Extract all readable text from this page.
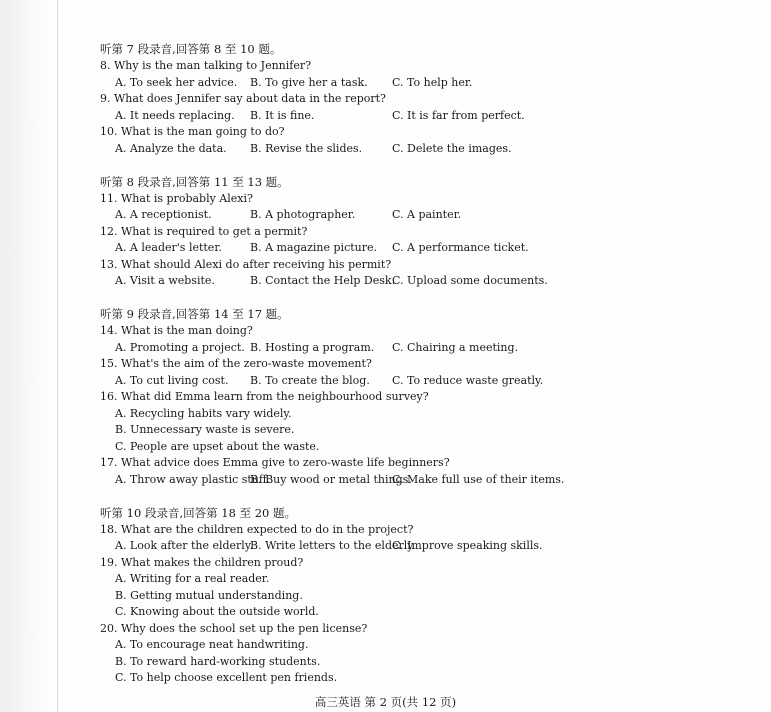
听第 7 段录音,回答第 8 至 10 题。
8. Why is the man talking to Jennifer?
A. To seek her advice. B. To give her a task. C. To help her.
9. What does Jennifer say about data in the report?
A. It needs replacing. B. It is fine.	C. It is far from perfect.
10. What is the man going to do?
A. Analyze the data. B. Revise the slides.	C. Delete the images.
听第 8 段录音,回答第 11 至 13 题。
11. What is probably Alexi?
A. A receptionist.	B. A photographer.	C. A painter.
12. What is required to get a permit?
A. A leader's letter.	B. A magazine picture. C. A performance ticket.
13. What should Alexi do after receiving his permit?
A. Visit a website.	B. Contact the Help Desk.
C. Upload some documents.
听第 9 段录音,回答第 14 至 17 题。
14. What is the man doing?
A. Promoting a project. B. Hosting a program. C. Chairing a meeting.
15. What's the aim of the zero-waste movement?
A. To cut living cost. B. To create the blog. C. To reduce waste greatly.
16. What did Emma learn from the neighbourhood survey?
A. Recycling habits vary widely.
B. Unnecessary waste is severe.
C. People are upset about the waste.
17. What advice does Emma give to zero-waste life beginners?
A. Throw away plastic stuff.
B. Buy wood or metal things.
C. Make full use of their items.
听第 10 段录音,回答第 18 至 20 题。
18. What are the children expected to do in the project?
A. Look after the elderly.
B. Write letters to the elderly.
C. Improve speaking skills.
19. What makes the children proud?
A. Writing for a real reader.
B. Getting mutual understanding.
C. Knowing about the outside world.
20. Why does the school set up the pen license?
A. To encourage neat handwriting.
B. To reward hard-working students.
C. To help choose excellent pen friends.
高三英语 第 2 页(共 12 页)
